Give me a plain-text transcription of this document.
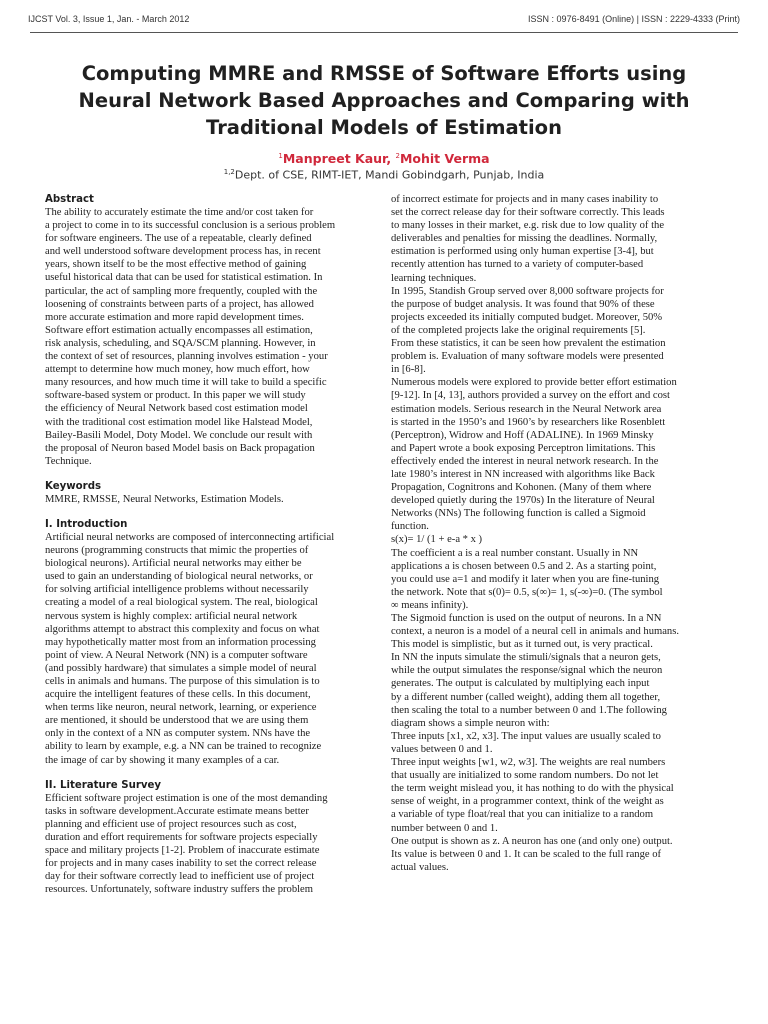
IJCST Vol. 3, Issue 1, Jan. - March 2012	ISSN : 0976-8491 (Online) | ISSN : 2229-4333 (Print)
Computing MMRE and RMSSE of Software Efforts using
Neural Network Based Approaches and Comparing with
Traditional Models of Estimation
$^1$Manpreet Kaur, $^2$Mohit Verma
$^{1,2}$Dept. of CSE, RIMT-IET, Mandi Gobindgarh, Punjab, India
Abstract
The ability to accurately estimate the time and/or cost taken for
a project to come in to its successful conclusion is a serious problem
for software engineers. The use of a repeatable, clearly defined
and well understood software development process has, in recent
years, shown itself to be the most effective method of gaining
useful historical data that can be used for statistical estimation. In
particular, the act of sampling more frequently, coupled with the
loosening of constraints between parts of a project, has allowed
more accurate estimation and more rapid development times.
Software effort estimation actually encompasses all estimation,
risk analysis, scheduling, and SQA/SCM planning. However, in
the context of set of resources, planning involves estimation - your
attempt to determine how much money, how much effort, how
many resources, and how much time it will take to build a specific
software-based system or product. In this paper we will study
the efficiency of Neural Network based cost estimation model
with the traditional cost estimation model like Halstead Model,
Bailey-Basili Model, Doty Model. We conclude our result with
the proposal of Neuron based Model basis on Back propagation
Technique.
Keywords
MMRE, RMSSE, Neural Networks, Estimation Models.
I. Introduction
Artificial neural networks are composed of interconnecting artificial
neurons (programming constructs that mimic the properties of
biological neurons). Artificial neural networks may either be
used to gain an understanding of biological neural networks, or
for solving artificial intelligence problems without necessarily
creating a model of a real biological system. The real, biological
nervous system is highly complex: artificial neural network
algorithms attempt to abstract this complexity and focus on what
may hypothetically matter most from an information processing
point of view. A Neural Network (NN) is a computer software
(and possibly hardware) that simulates a simple model of neural
cells in animals and humans. The purpose of this simulation is to
acquire the intelligent features of these cells. In this document,
when terms like neuron, neural network, learning, or experience
are mentioned, it should be understood that we are using them
only in the context of a NN as computer system. NNs have the
ability to learn by example, e.g. a NN can be trained to recognize
the image of car by showing it many examples of a car.
II. Literature Survey
Efficient software project estimation is one of the most demanding
tasks in software development.Accurate estimate means better
planning and efficient use of project resources such as cost,
duration and effort requirements for software projects especially
space and military projects [1-2]. Problem of inaccurate estimate
for projects and in many cases inability to set the correct release
day for their software correctly lead to inefficient use of project
resources. Unfortunately, software industry suffers the problem
of incorrect estimate for projects and in many cases inability to
set the correct release day for their software correctly. This leads
to many losses in their market, e.g. risk due to low quality of the
deliverables and penalties for missing the deadlines. Normally,
estimation is performed using only human expertise [3-4], but
recently attention has turned to a variety of computer-based
learning techniques.
In 1995, Standish Group served over 8,000 software projects for
the purpose of budget analysis. It was found that 90% of these
projects exceeded its initially computed budget. Moreover, 50%
of the completed projects lake the original requirements [5].
From these statistics, it can be seen how prevalent the estimation
problem is. Evaluation of many software models were presented
in [6-8].
Numerous models were explored to provide better effort estimation
[9-12]. In [4, 13], authors provided a survey on the effort and cost
estimation models. Serious research in the Neural Network area
is started in the 1950’s and 1960’s by researchers like Rosenblett
(Perceptron), Widrow and Hoff (ADALINE). In 1969 Minsky
and Papert wrote a book exposing Perceptron limitations. This
effectively ended the interest in neural network research. In the
late 1980’s interest in NN increased with algorithms like Back
Propagation, Cognitrons and Kohonen. (Many of them where
developed quietly during the 1970s) In the literature of Neural
Networks (NNs) The following function is called a Sigmoid
function.
s(x)= 1/ (1 + e-a * x )
The coefficient a is a real number constant. Usually in NN
applications a is chosen between 0.5 and 2. As a starting point,
you could use a=1 and modify it later when you are fine-tuning
the network. Note that s(0)= 0.5, s(∞)= 1, s(-∞)=0. (The symbol
∞ means infinity).
The Sigmoid function is used on the output of neurons. In a NN
context, a neuron is a model of a neural cell in animals and humans.
This model is simplistic, but as it turned out, is very practical.
In NN the inputs simulate the stimuli/signals that a neuron gets,
while the output simulates the response/signal which the neuron
generates. The output is calculated by multiplying each input
by a different number (called weight), adding them all together,
then scaling the total to a number between 0 and 1.The following
diagram shows a simple neuron with:
Three inputs [x1, x2, x3]. The input values are usually scaled to
values between 0 and 1.
Three input weights [w1, w2, w3]. The weights are real numbers
that usually are initialized to some random numbers. Do not let
the term weight mislead you, it has nothing to do with the physical
sense of weight, in a programmer context, think of the weight as
a variable of type float/real that you can initialize to a random
number between 0 and 1.
One output is shown as z. A neuron has one (and only one) output.
Its value is between 0 and 1. It can be scaled to the full range of
actual values.
